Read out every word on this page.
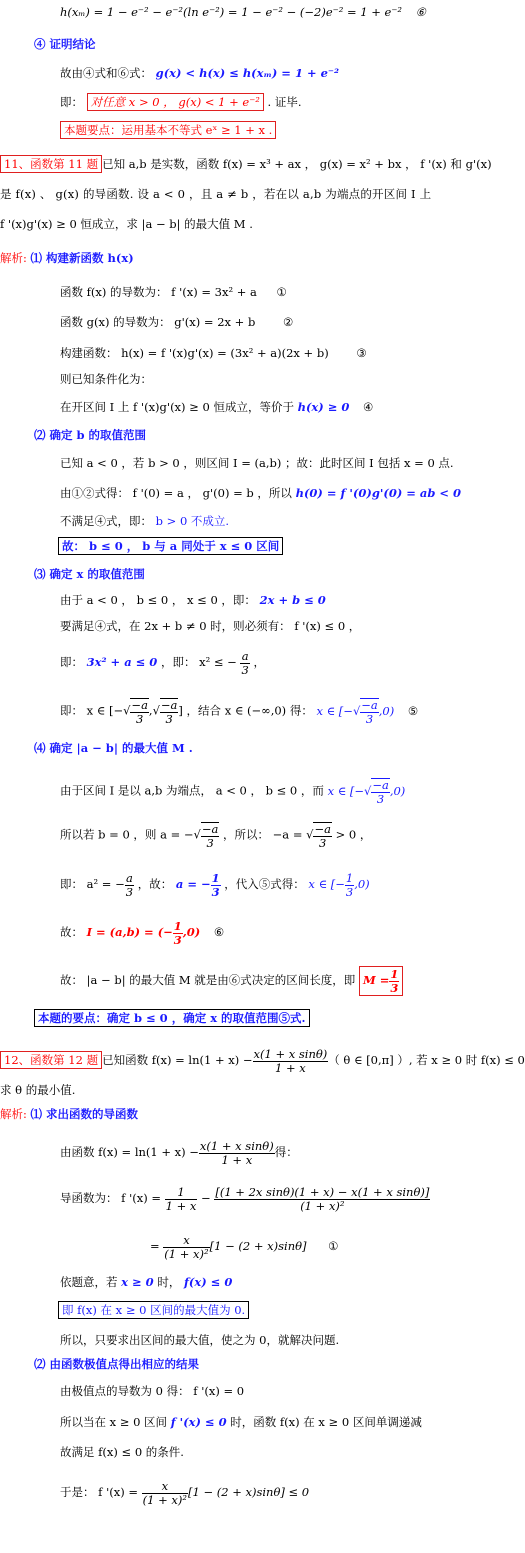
h(xₘ) = 1 − e⁻² − e⁻²(ln e⁻²) = 1 − e⁻² − (−2)e⁻² = 1 + e⁻² ⑥
④ 证明结论
故由④式和⑥式： g(x) < h(x) ≤ h(xₘ) = 1 + e⁻²
即： 对任意 x > 0 ， g(x) < 1 + e⁻² . 证毕.
本题要点：运用基本不等式 eˣ ≥ 1 + x .
11、函数第 11 题 已知 a,b 是实数，函数 f(x) = x³ + ax ， g(x) = x² + bx ， f '(x) 和 g'(x)
是 f(x) 、 g(x) 的导函数. 设 a < 0 ，且 a ≠ b ，若在以 a,b 为端点的开区间 I 上
f '(x)g'(x) ≥ 0 恒成立，求 |a − b| 的最大值 M .
解析: ⑴ 构建新函数 h(x)
函数 f(x) 的导数为： f '(x) = 3x² + a ①
函数 g(x) 的导数为： g'(x) = 2x + b ②
构建函数： h(x) = f '(x)g'(x) = (3x² + a)(2x + b) ③
则已知条件化为：
在开区间 I 上 f '(x)g'(x) ≥ 0 恒成立，等价于 h(x) ≥ 0 ④
⑵ 确定 b 的取值范围
已知 a < 0 ，若 b > 0 ，则区间 I = (a,b) ；故：此时区间 I 包括 x = 0 点.
由①②式得： f '(0) = a ， g'(0) = b ，所以 h(0) = f '(0)g'(0) = ab < 0
不满足④式，即： b > 0 不成立.
故： b ≤ 0 ， b 与 a 同处于 x ≤ 0 区间
⑶ 确定 x 的取值范围
由于 a < 0 ， b ≤ 0 ， x ≤ 0 ，即： 2x + b ≤ 0
要满足④式，在 2x + b ≠ 0 时，则必须有： f '(x) ≤ 0 ，
即： 3x² + a ≤ 0 ，即： x² ≤ − $\frac{a}{3}$ ，
即： x ∈ [−√ $\frac{-a}{3}$ ,√ $\frac{-a}{3}$ ] ，结合 x ∈ (−∞,0) 得： x ∈ [−√ $\frac{-a}{3} ,0$) ⑤
⑷ 确定 |a − b| 的最大值 M .
由于区间 I 是以 a,b 为端点， a < 0 ， b ≤ 0 ，而 x ∈ [−√ $\frac{-a}{3} ,0$)
所以若 b = 0 ，则 a = −√ $\frac{-a}{3}$ ，所以： −a = √ $\frac{-a}{3} > 0$ ，
即： a² = − $\frac{a}{3}$ ，故： a = − $\frac{1}{3}$ ，代入⑤式得： x ∈ [− $\frac{1}{3} ,0$)
故： I = (a,b) = (− $\frac{1}{3} ,0$) ⑥
故： |a − b| 的最大值 M 就是由⑥式决定的区间长度，即 $M = \frac{1}{3}$
本题的要点：确定 b ≤ 0 ，确定 x 的取值范围⑤式.
12、函数第 12 题 已知函数 $f(x) = \ln(1 + x) - \frac{\text{x(1 + x sinθ)}}{1 + x}$ （ θ ∈ [0,π] ）, 若 x ≥ 0 时 f(x) ≤ 0
求 θ 的最小值.
解析: ⑴ 求出函数的导函数
由函数 $f(x) = \ln(1 + x) - \frac{\text{x(1 + x sinθ)}}{1 + x}$ 得：
导函数为： f '$(x) = \frac{1}{1 + x} - \frac{\text{[(1 + 2x sinθ)(1 + x) − x(1 + x sinθ)]}}{\text{(1 + x)²}}$
= $\frac{x}{\text{(1 + x)²}} [1 - (2 + x)\sin\theta]$ ①
依题意，若 x ≥ 0 时， f(x) ≤ 0
即 f(x) 在 x ≥ 0 区间的最大值为 0.
所以，只要求出区间的最大值，使之为 0，就解决问题.
⑵ 由函数极值点得出相应的结果
由极值点的导数为 0 得： f '(x) = 0
所以当在 x ≥ 0 区间 f '(x) ≤ 0 时，函数 f(x) 在 x ≥ 0 区间单调递减
故满足 f(x) ≤ 0 的条件.
于是： f '$(x) = \frac{x}{\text{(1 + x)²}} [1 - (2 + x)\sin\theta] \le 0$
